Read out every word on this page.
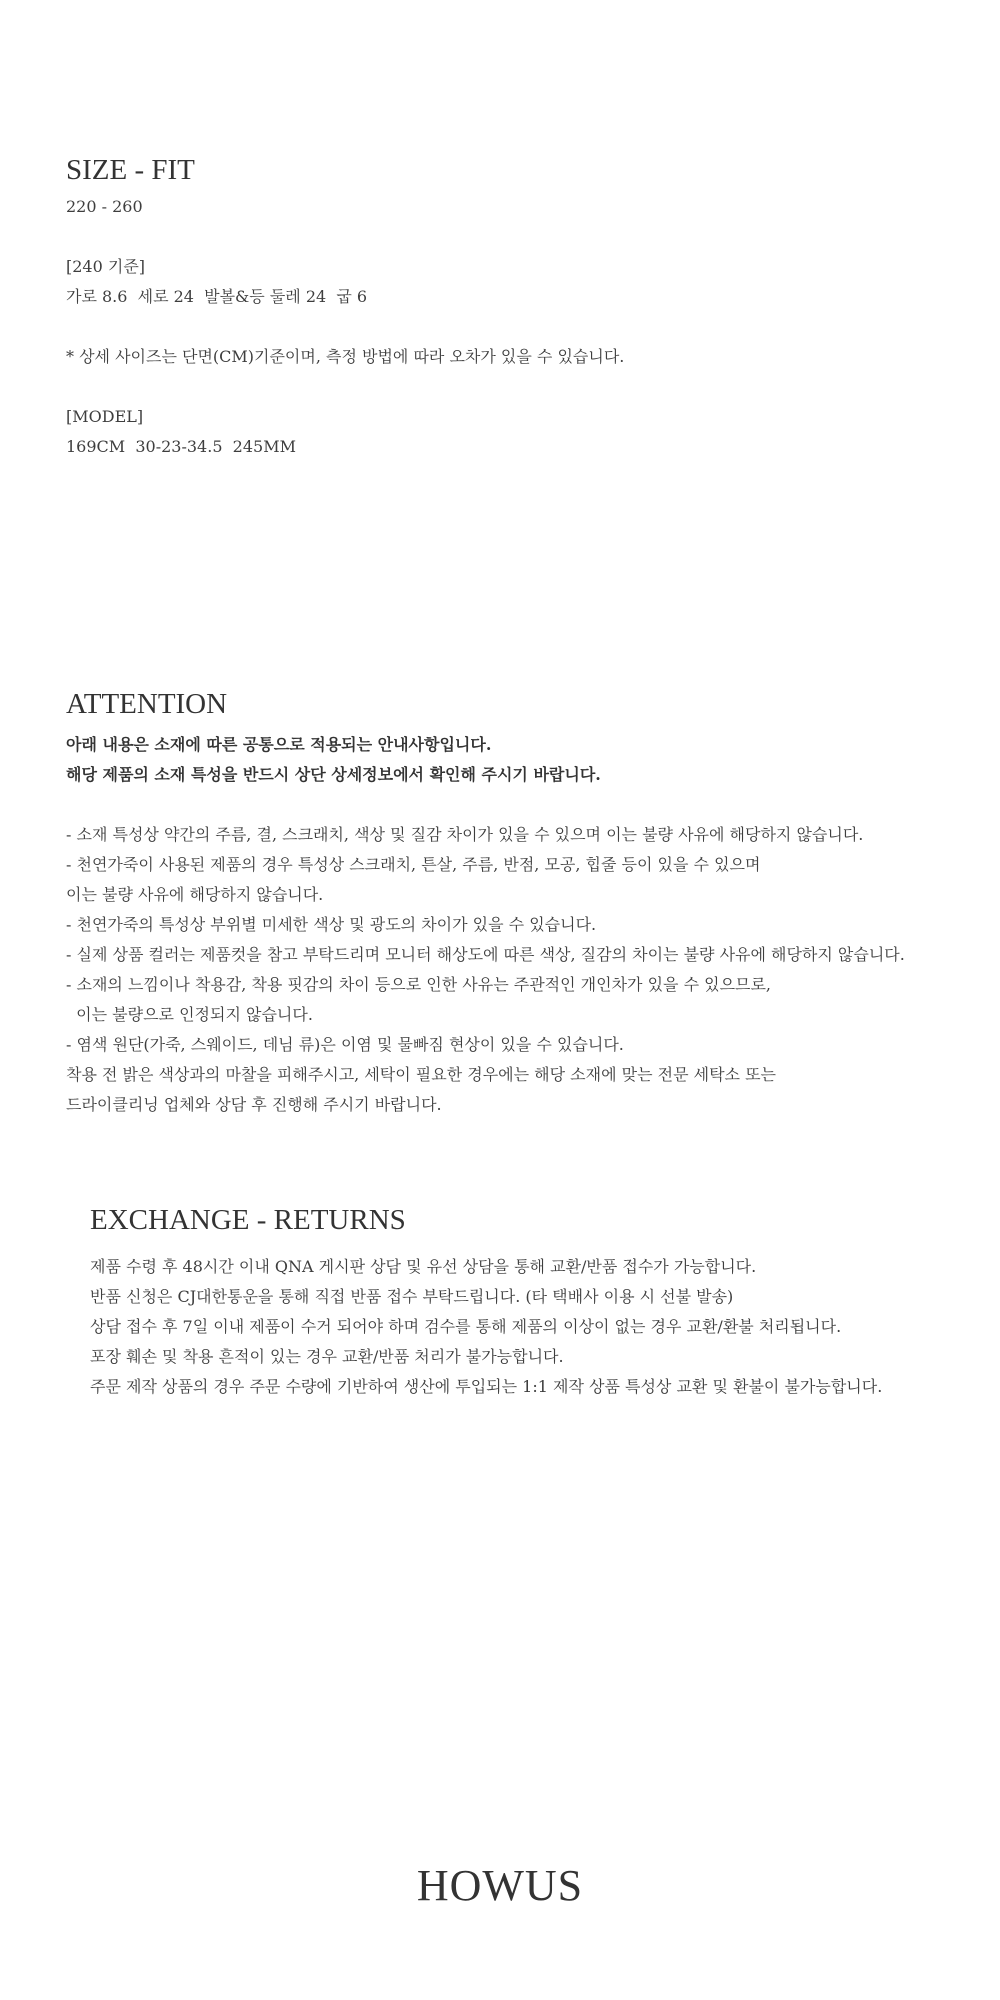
SIZE - FIT
220 - 260
[240 기준]
가로 8.6  세로 24  발볼&등 둘레 24  굽 6
* 상세 사이즈는 단면(CM)기준이며, 측정 방법에 따라 오차가 있을 수 있습니다.
[MODEL]
169CM  30-23-34.5  245MM
ATTENTION
아래 내용은 소재에 따른 공통으로 적용되는 안내사항입니다.
해당 제품의 소재 특성을 반드시 상단 상세정보에서 확인해 주시기 바랍니다.
- 소재 특성상 약간의 주름, 결, 스크래치, 색상 및 질감 차이가 있을 수 있으며 이는 불량 사유에 해당하지 않습니다.
- 천연가죽이 사용된 제품의 경우 특성상 스크래치, 튼살, 주름, 반점, 모공, 힙줄 등이 있을 수 있으며
이는 불량 사유에 해당하지 않습니다.
- 천연가죽의 특성상 부위별 미세한 색상 및 광도의 차이가 있을 수 있습니다.
- 실제 상품 컬러는 제품컷을 참고 부탁드리며 모니터 해상도에 따른 색상, 질감의 차이는 불량 사유에 해당하지 않습니다.
- 소재의 느낌이나 착용감, 착용 핏감의 차이 등으로 인한 사유는 주관적인 개인차가 있을 수 있으므로,
이는 불량으로 인정되지 않습니다.
- 염색 원단(가죽, 스웨이드, 데님 류)은 이염 및 물빠짐 현상이 있을 수 있습니다.
착용 전 밝은 색상과의 마찰을 피해주시고, 세탁이 필요한 경우에는 해당 소재에 맞는 전문 세탁소 또는
드라이클리닝 업체와 상담 후 진행해 주시기 바랍니다.
EXCHANGE - RETURNS
제품 수령 후 48시간 이내 QNA 게시판 상담 및 유선 상담을 통해 교환/반품 접수가 가능합니다.
반품 신청은 CJ대한통운을 통해 직접 반품 접수 부탁드립니다. (타 택배사 이용 시 선불 발송)
상담 접수 후 7일 이내 제품이 수거 되어야 하며 검수를 통해 제품의 이상이 없는 경우 교환/환불 처리됩니다.
포장 훼손 및 착용 흔적이 있는 경우 교환/반품 처리가 불가능합니다.
주문 제작 상품의 경우 주문 수량에 기반하여 생산에 투입되는 1:1 제작 상품 특성상 교환 및 환불이 불가능합니다.
HOWUS
